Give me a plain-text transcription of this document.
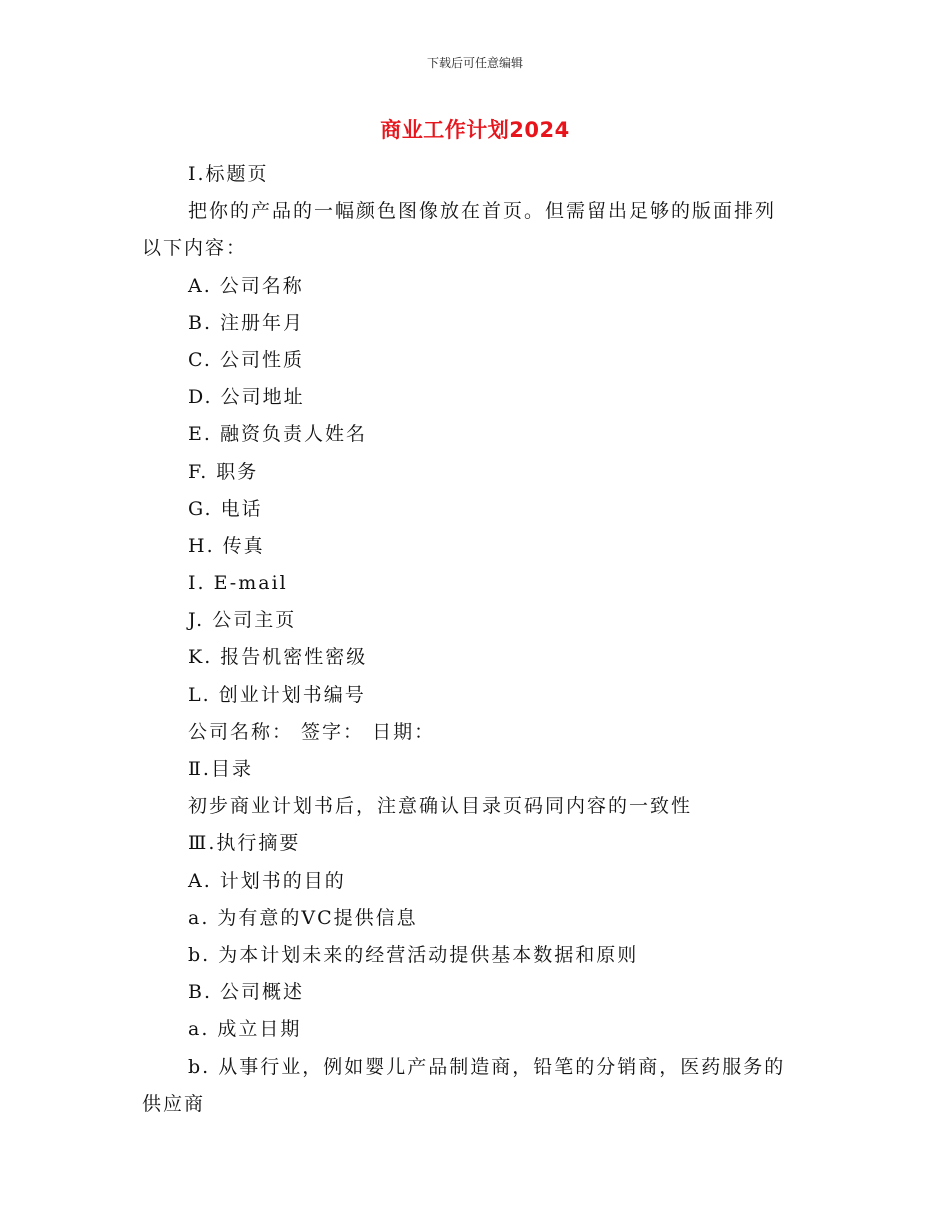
下载后可任意编辑
商业工作计划2024
Ⅰ.标题页
把你的产品的一幅颜色图像放在首页。但需留出足够的版面排列
以下内容：
A. 公司名称
B. 注册年月
C. 公司性质
D. 公司地址
E. 融资负责人姓名
F. 职务
G. 电话
H. 传真
I. E-mail
J. 公司主页
K. 报告机密性密级
L. 创业计划书编号
公司名称： 签字： 日期：
Ⅱ.目录
初步商业计划书后，注意确认目录页码同内容的一致性
Ⅲ.执行摘要
A. 计划书的目的
a. 为有意的VC提供信息
b. 为本计划未来的经营活动提供基本数据和原则
B. 公司概述
a. 成立日期
b. 从事行业，例如婴儿产品制造商，铅笔的分销商，医药服务的
供应商
